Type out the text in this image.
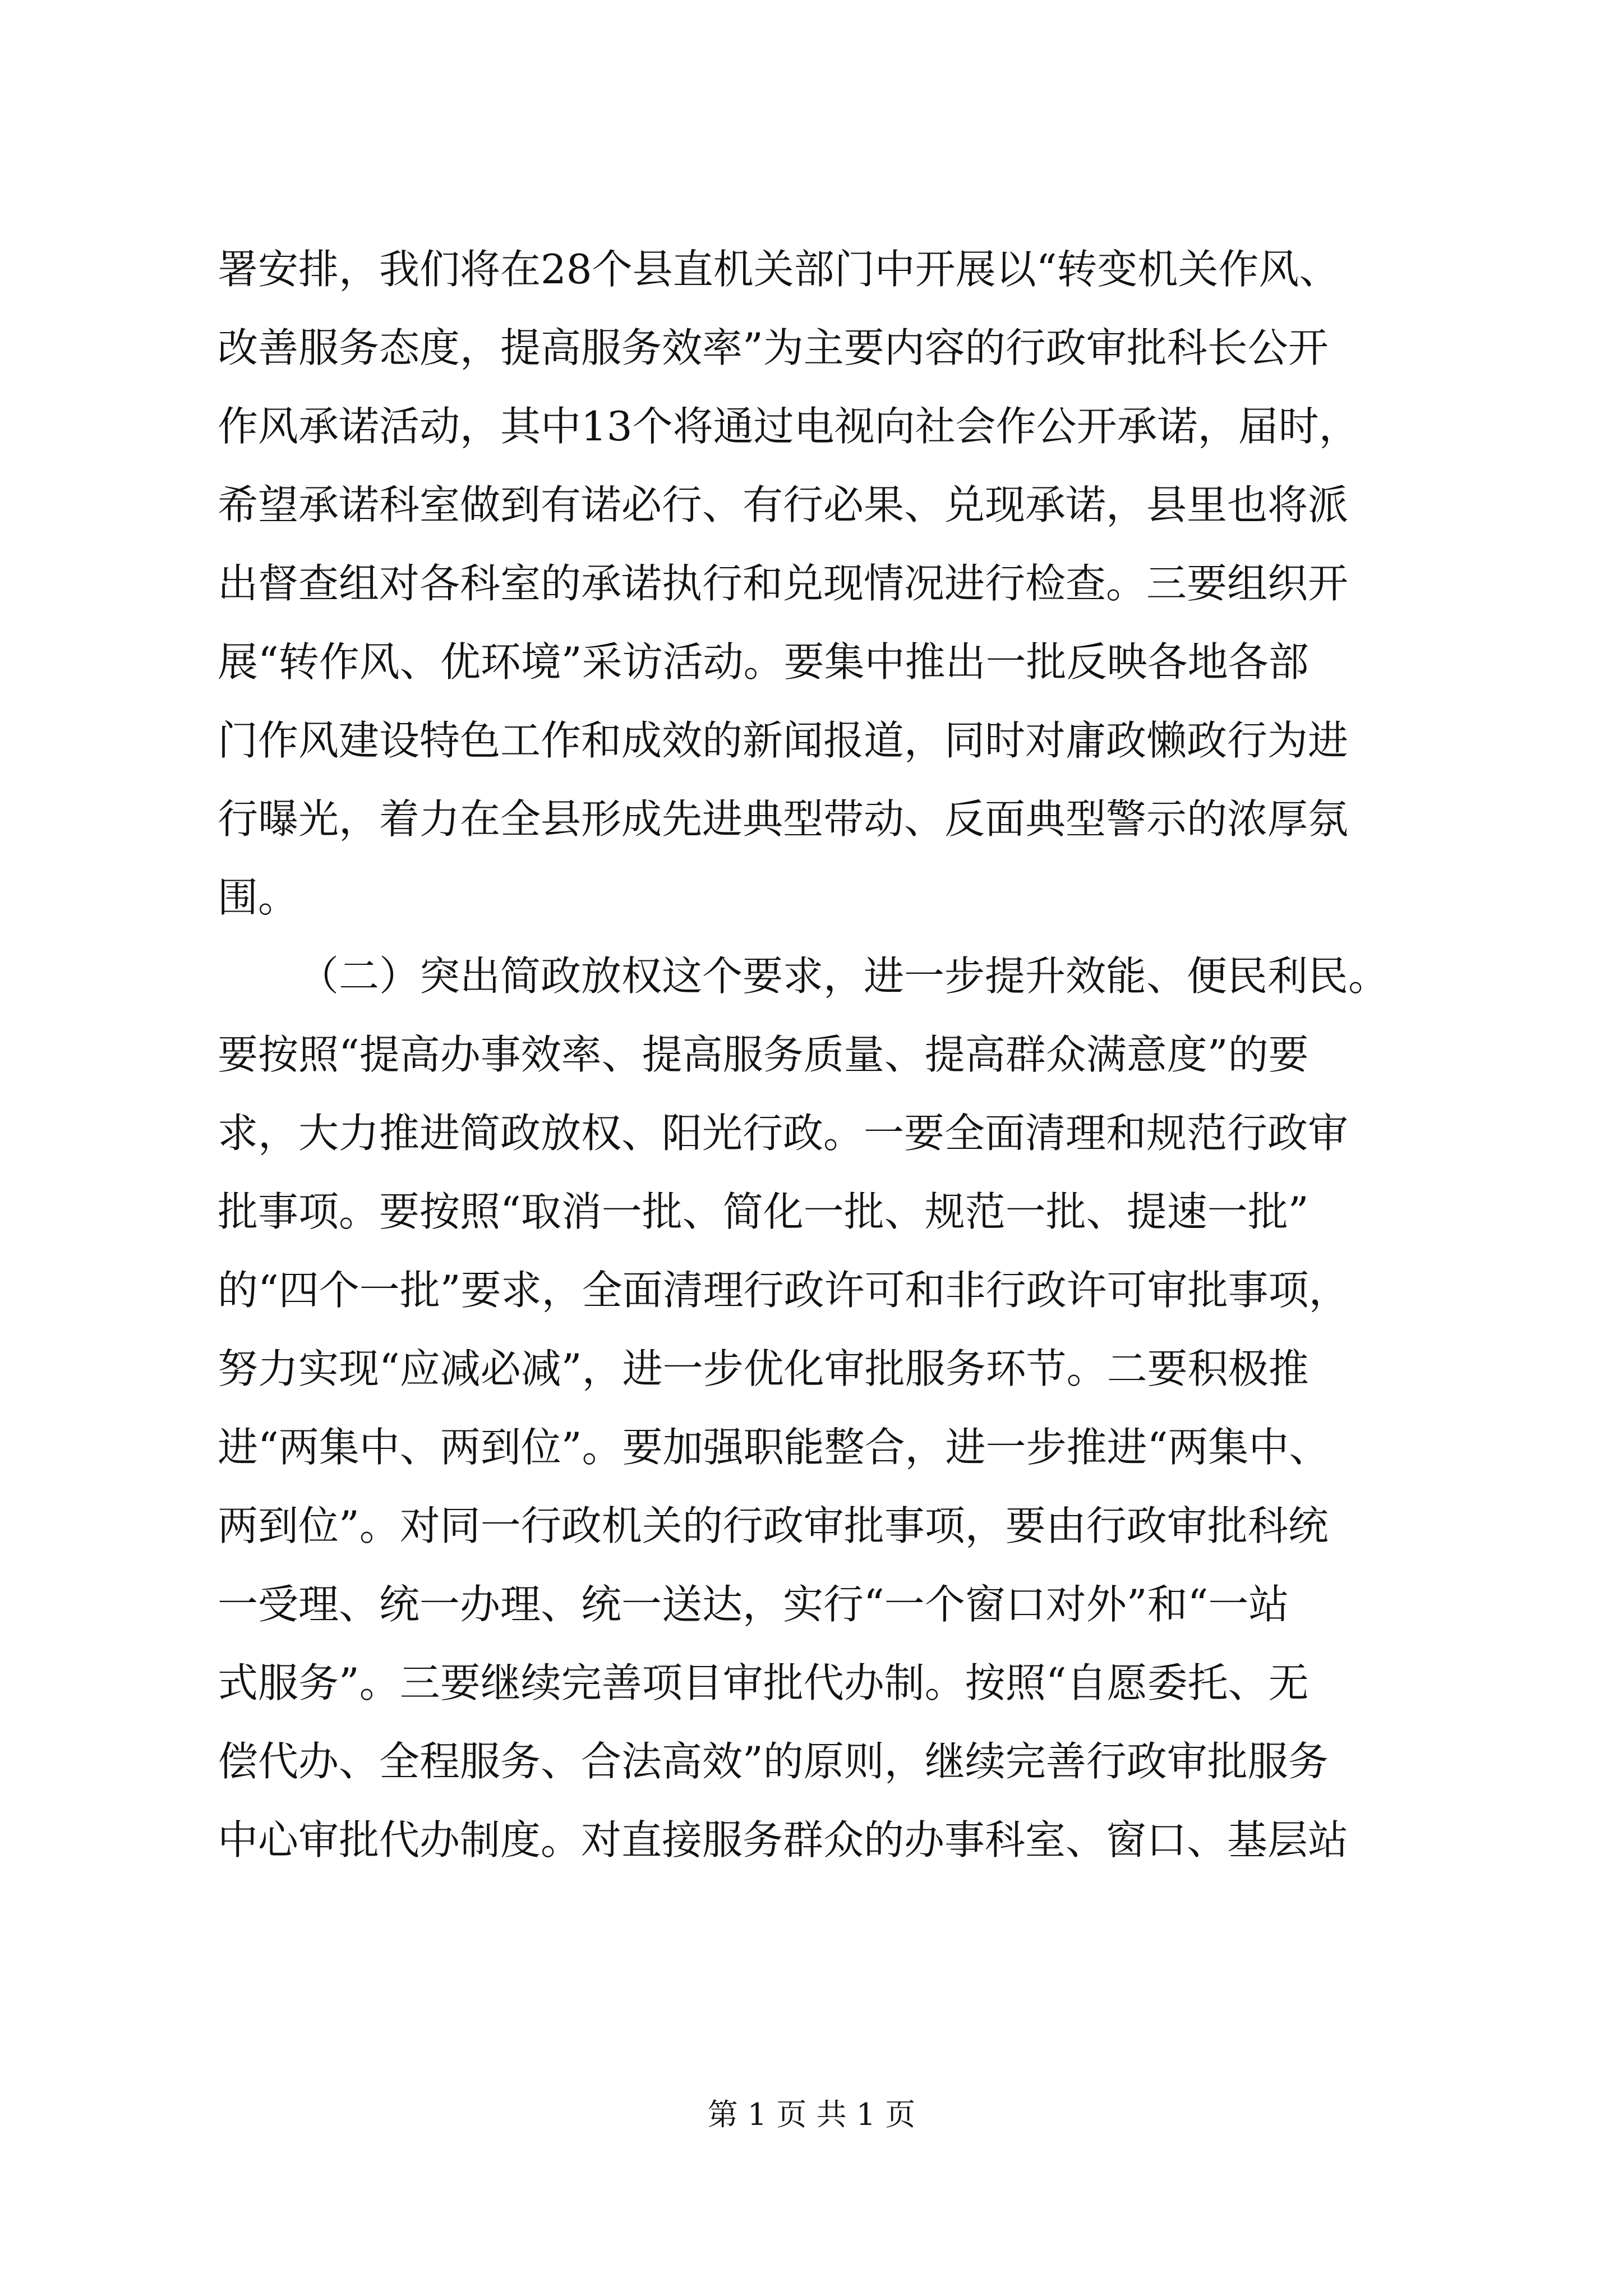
署安排，我们将在28个县直机关部门中开展以“转变机关作风、
改善服务态度，提高服务效率”为主要内容的行政审批科长公开
作风承诺活动，其中13个将通过电视向社会作公开承诺，届时，
希望承诺科室做到有诺必行、有行必果、兑现承诺，县里也将派
出督查组对各科室的承诺执行和兑现情况进行检查。三要组织开
展“转作风、优环境”采访活动。要集中推出一批反映各地各部
门作风建设特色工作和成效的新闻报道，同时对庸政懒政行为进
行曝光，着力在全县形成先进典型带动、反面典型警示的浓厚氛
围。
（二）突出简政放权这个要求，进一步提升效能、便民利民。
要按照“提高办事效率、提高服务质量、提高群众满意度”的要
求，大力推进简政放权、阳光行政。一要全面清理和规范行政审
批事项。要按照“取消一批、简化一批、规范一批、提速一批”
的“四个一批”要求，全面清理行政许可和非行政许可审批事项，
努力实现“应减必减”，进一步优化审批服务环节。二要积极推
进“两集中、两到位”。要加强职能整合，进一步推进“两集中、
两到位”。对同一行政机关的行政审批事项，要由行政审批科统
一受理、统一办理、统一送达，实行“一个窗口对外”和“一站
式服务”。三要继续完善项目审批代办制。按照“自愿委托、无
偿代办、全程服务、合法高效”的原则，继续完善行政审批服务
中心审批代办制度。对直接服务群众的办事科室、窗口、基层站
第 1 页 共 1 页
